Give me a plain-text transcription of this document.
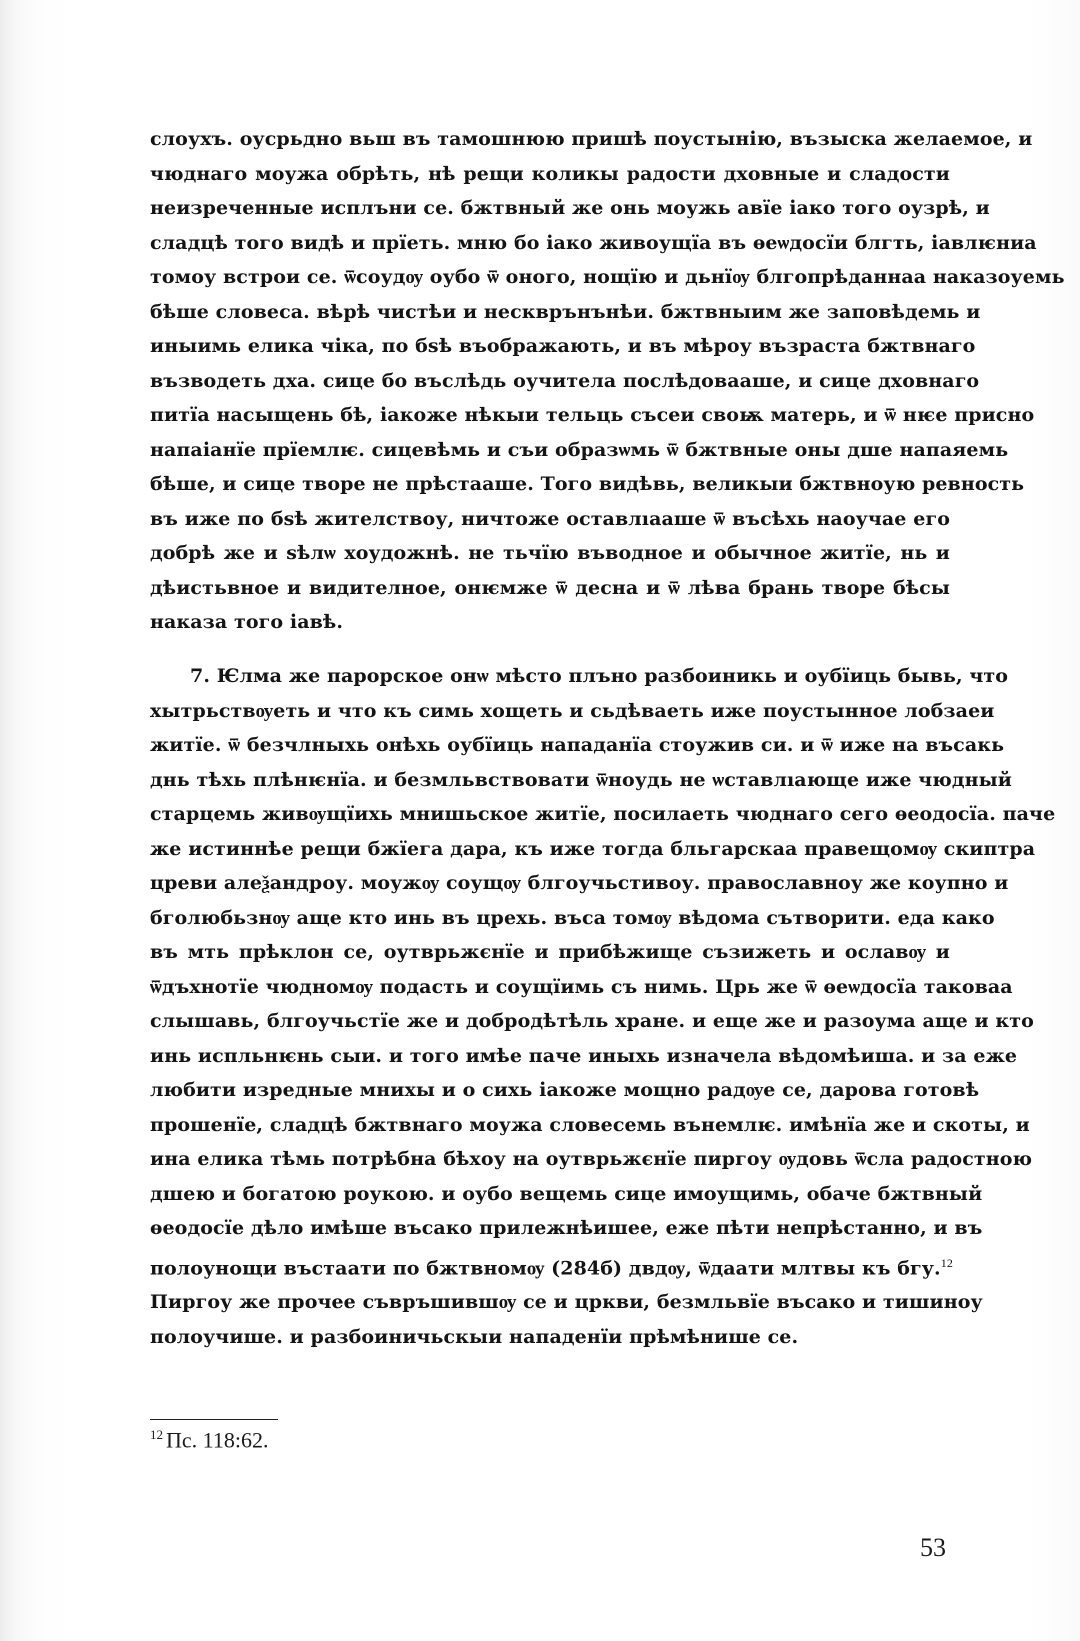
слоухъ. оусрьдно вьш въ тамошнюю пришѣ поустынію, възыска желаемое, и
чюднаго моужа обрѣть, нѣ рещи коликы радости дховные и сладости
неизреченные исплъни се. бжтвный же онь моужь авїе іако того оузрѣ, и
сладцѣ того видѣ и прїеть. мню бо іако живоущїа въ ѳеѡдосїи блгть, іавлѥниа
томоу встрои се. ѿсоудѹ оубо ѿ оного, нощїю и дьнїѹ блгопрѣданнаа наказоуемь
бѣше словеса. вѣрѣ чистѣи и нескврънънѣи. бжтвныим же заповѣдемь и
иныимь елика чіка, по бѕѣ въображають, и въ мѣроу възраста бжтвнаго
възводеть дха. сице бо въслѣдь оучитела послѣдоваашe, и сице дховнаго
питїа насыщень бѣ, іакоже нѣкыи тельць съсеи своѭ матерь, и ѿ нѥе присно
напаіанїе прїемлѥ. сицевѣмь и съи образѡмь ѿ бжтвные оны дше напаяемь
бѣше, и сице творе не прѣстааше. Того видѣвь, великыи бжтвноую ревность
въ иже по бѕѣ жителствоу, ничтоже оставлıааше ѿ въсѣхь наоучае его
добрѣ же и ѕѣлѡ хоудожнѣ. не тьчїю въводное и обычное житїе, нь и
дѣистьвное и видителное, онѥмже ѿ десна и ѿ лѣва брань творе бѣсы
наказа того іавѣ.
7. Ѥлма же парорское онѡ мѣсто плъно разбоиникь и оубїиць бывь, что
хытрьствѹеть и что къ симь хощеть и сьдѣваеть иже поустынное лобзаеи
житїе. ѿ безчлныхь онѣхь оубїиць нападанїа стоужив си. и ѿ иже на въсакь
днь тѣхь плѣнѥнїа. и безмльвствовати ѿноудь не ѡставлıающе иже чюдный
старцемь живѹщїихь мнишьское житїе, посилаеть чюднаго сего ѳеодосїа. паче
же истиннѣе рещи бжїега дара, къ иже тогда бльгарскаа правещомѹ скиптра
цреви алеѯандроу. моужѹ соущѹ блгоучьстивоу. православноу же коупно и
бголюбьзнѹ аще кто инь въ црехь. въса томѹ вѣдома сътворити. еда како
въ мть прѣклон се, оутврьжєнїе и прибѣжище съзижеть и ославѹ и
ѿдъхнотїе чюдномѹ подасть и соущїимь съ нимь. Црь же ѿ ѳеѡдосїа таковаа
слышавь, блгоучьстїе же и добродѣтѣль хране. и еще же и разоума аще и кто
инь испльнѥнь сыи. и того имѣе паче иныхь изначела вѣдомѣиша. и за еже
любити изредные мнихы и о сихь іакоже мощно радѹе се, дарова готовѣ
прошенїе, сладцѣ бжтвнаго моужа словесемь вънемлѥ. имѣнїа же и скоты, и
ина елика тѣмь потрѣбна бѣхоу на оутврьжєнїе пиргоу ѹдовь ѿсла радостною
дшею и богатою роукою. и оубо вещемь сице имоущимь, обаче бжтвный
ѳеодосїе дѣло имѣше въсако прилежнѣишее, еже пѣти непрѣстанно, и въ
полоунощи въстаати по бжтвномѹ (284б) двдѹ, ѿдаати млтвы къ бгу.$^{12}$
Пиргоу же прочее съвръшившѹ се и цркви, безмльвїе въсако и тишиноу
полоучише. и разбоиничьскыи нападенїи прѣмѣнише се.
$^{12}$ Пс. 118:62.
53
